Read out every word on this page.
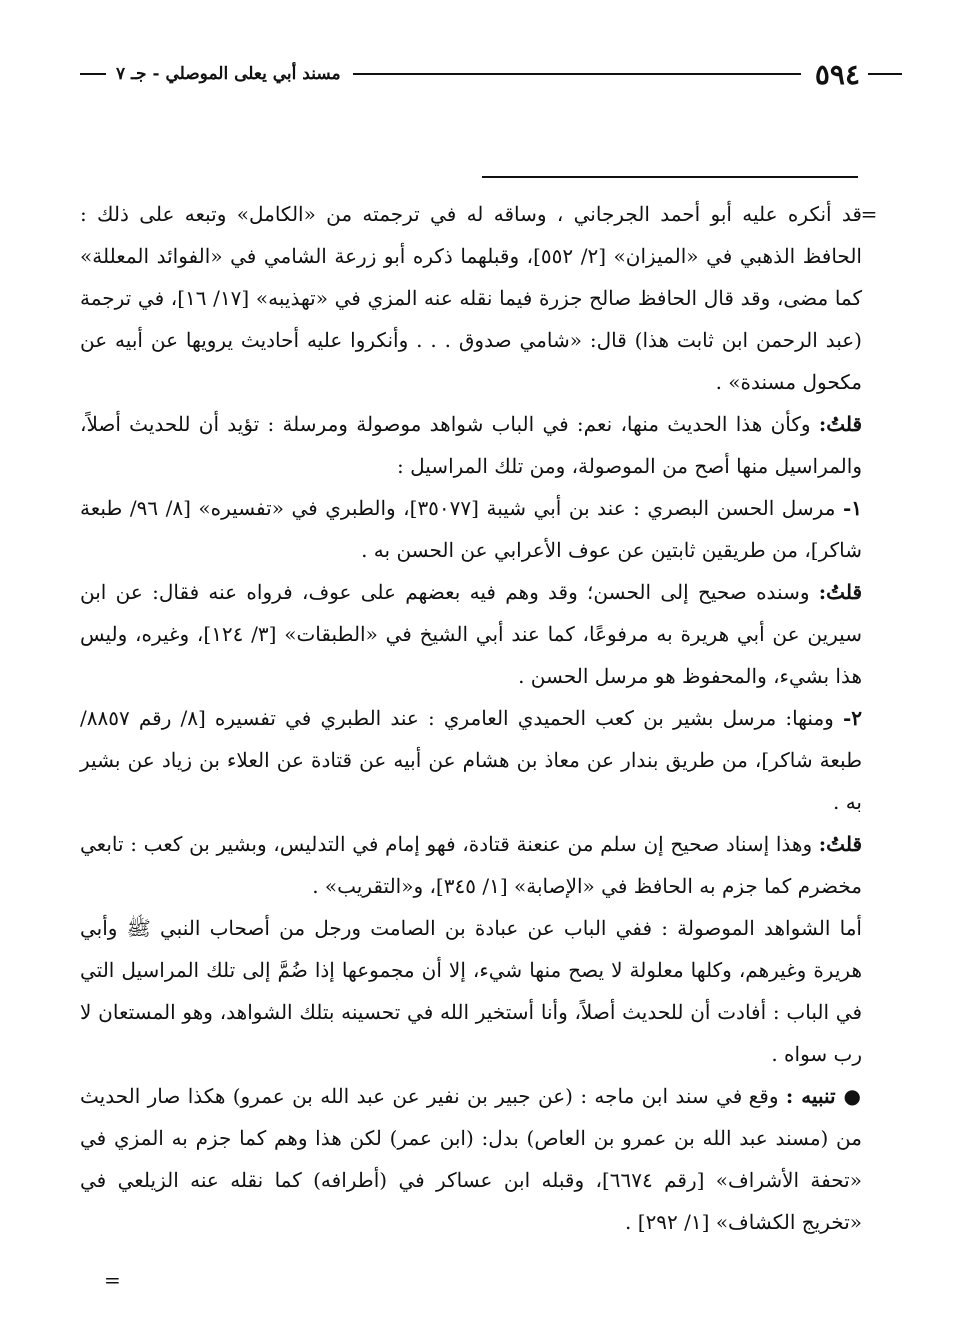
٥٩٤
مسند أبي يعلى الموصلي - جـ ٧
=

قد أنكره عليه أبو أحمد الجرجاني ، وساقه له في ترجمته من «الكامل» وتبعه على ذلك : الحافظ الذهبي في «الميزان» [٢/ ٥٥٢]، وقبلهما ذكره أبو زرعة الشامي في «الفوائد المعللة» كما مضى، وقد قال الحافظ صالح جزرة فيما نقله عنه المزي في «تهذيبه» [١٧/ ١٦]، في ترجمة (عبد الرحمن ابن ثابت هذا) قال: «شامي صدوق . . . وأنكروا عليه أحاديث يرويها عن أبيه عن مكحول مسندة» .

قلتُ: وكأن هذا الحديث منها، نعم: في الباب شواهد موصولة ومرسلة : تؤيد أن للحديث أصلاً، والمراسيل منها أصح من الموصولة، ومن تلك المراسيل :

١- مرسل الحسن البصري : عند بن أبي شيبة [٣٥٠٧٧]، والطبري في «تفسيره» [٨/ ٩٦/ طبعة شاكر]، من طريقين ثابتين عن عوف الأعرابي عن الحسن به .

قلتُ: وسنده صحيح إلى الحسن؛ وقد وهم فيه بعضهم على عوف، فرواه عنه فقال: عن ابن سيرين عن أبي هريرة به مرفوعًا، كما عند أبي الشيخ في «الطبقات» [٣/ ١٢٤]، وغيره، وليس هذا بشيء، والمحفوظ هو مرسل الحسن .

٢- ومنها: مرسل بشير بن كعب الحميدي العامري : عند الطبري في تفسيره [٨/ رقم ٨٨٥٧/ طبعة شاكر]، من طريق بندار عن معاذ بن هشام عن أبيه عن قتادة عن العلاء بن زياد عن بشير به .

قلتُ: وهذا إسناد صحيح إن سلم من عنعنة قتادة، فهو إمام في التدليس، وبشير بن كعب : تابعي مخضرم كما جزم به الحافظ في «الإصابة» [١/ ٣٤٥]، و«التقريب» .

أما الشواهد الموصولة : ففي الباب عن عبادة بن الصامت ورجل من أصحاب النبي ﷺ وأبي هريرة وغيرهم، وكلها معلولة لا يصح منها شيء، إلا أن مجموعها إذا ضُمَّ إلى تلك المراسيل التي في الباب : أفادت أن للحديث أصلاً، وأنا أستخير الله في تحسينه بتلك الشواهد، وهو المستعان لا رب سواه .

● تنبيه : وقع في سند ابن ماجه : (عن جبير بن نفير عن عبد الله بن عمرو) هكذا صار الحديث من (مسند عبد الله بن عمرو بن العاص) بدل: (ابن عمر) لكن هذا وهم كما جزم به المزي في «تحفة الأشراف» [رقم ٦٦٧٤]، وقبله ابن عساكر في (أطرافه) كما نقله عنه الزيلعي في «تخريج الكشاف» [١/ ٢٩٢] .

=
